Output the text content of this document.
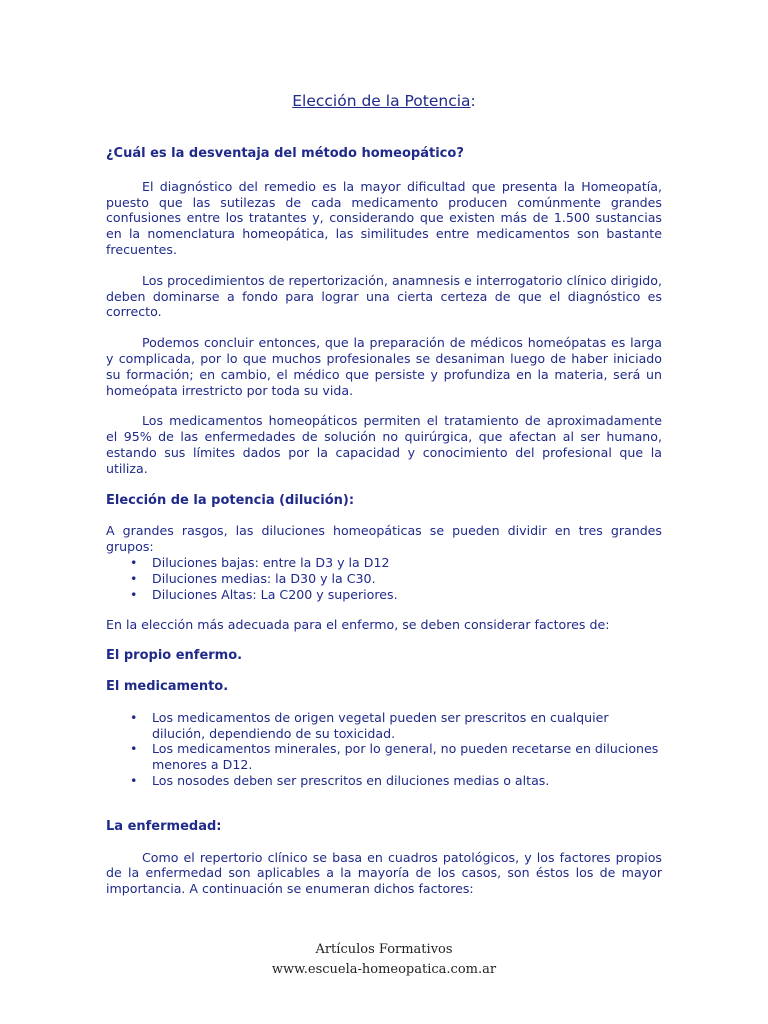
Elección de la Potencia:

¿Cuál es la desventaja del método homeopático?

El diagnóstico del remedio es la mayor dificultad que presenta la Homeopatía, puesto que las sutilezas de cada medicamento producen comúnmente grandes confusiones entre los tratantes y, considerando que existen más de 1.500 sustancias en la nomenclatura homeopática, las similitudes entre medicamentos son bastante frecuentes.

Los procedimientos de repertorización, anamnesis e interrogatorio clínico dirigido, deben dominarse a fondo para lograr una cierta certeza de que el diagnóstico es correcto.

Podemos concluir entonces, que la preparación de médicos homeópatas es larga y complicada, por lo que muchos profesionales se desaniman luego de haber iniciado su formación; en cambio, el médico que persiste y profundiza en la materia, será un homeópata irrestricto por toda su vida.

Los medicamentos homeopáticos permiten el tratamiento de aproximadamente el 95% de las enfermedades de solución no quirúrgica, que afectan al ser humano, estando sus límites dados por la capacidad y conocimiento del profesional que la utiliza.

Elección de la potencia (dilución):

A grandes rasgos, las diluciones homeopáticas se pueden dividir en tres grandes grupos:

• Diluciones bajas: entre la D3 y la D12
• Diluciones medias: la D30 y la C30.
• Diluciones Altas: La C200 y superiores.

En la elección más adecuada para el enfermo, se deben considerar factores de:

El propio enfermo.

El medicamento.

• Los medicamentos de origen vegetal pueden ser prescritos en cualquier dilución, dependiendo de su toxicidad.
• Los medicamentos minerales, por lo general, no pueden recetarse en diluciones menores a D12.
• Los nosodes deben ser prescritos en diluciones medias o altas.

La enfermedad:

Como el repertorio clínico se basa en cuadros patológicos, y los factores propios de la enfermedad son aplicables a la mayoría de los casos, son éstos los de mayor importancia. A continuación se enumeran dichos factores:

Artículos Formativos
www.escuela-homeopatica.com.ar
